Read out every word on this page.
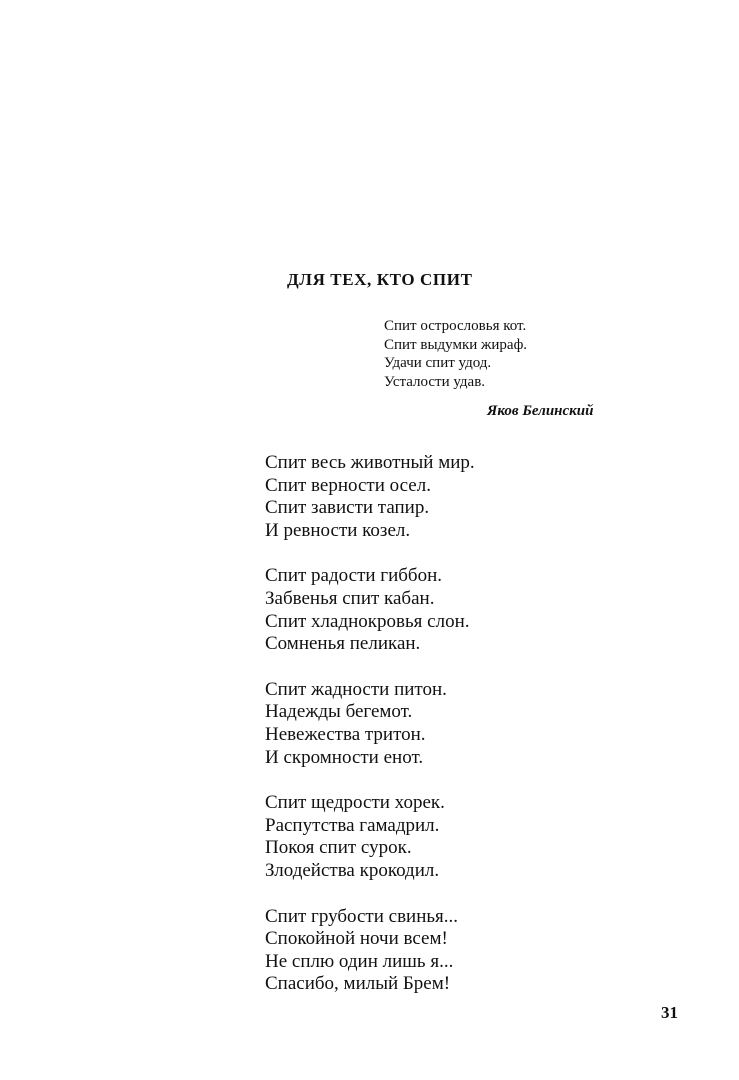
ДЛЯ ТЕХ, КТО СПИТ
Спит острословья кот.
Спит выдумки жираф.
Удачи спит удод.
Усталости удав.
Яков Белинский
Спит весь животный мир.
Спит верности осел.
Спит зависти тапир.
И ревности козел.
Спит радости гиббон.
Забвенья спит кабан.
Спит хладнокровья слон.
Сомненья пеликан.
Спит жадности питон.
Надежды бегемот.
Невежества тритон.
И скромности енот.
Спит щедрости хорек.
Распутства гамадрил.
Покоя спит сурок.
Злодейства крокодил.
Спит грубости свинья...
Спокойной ночи всем!
Не сплю один лишь я...
Спасибо, милый Брем!
31
